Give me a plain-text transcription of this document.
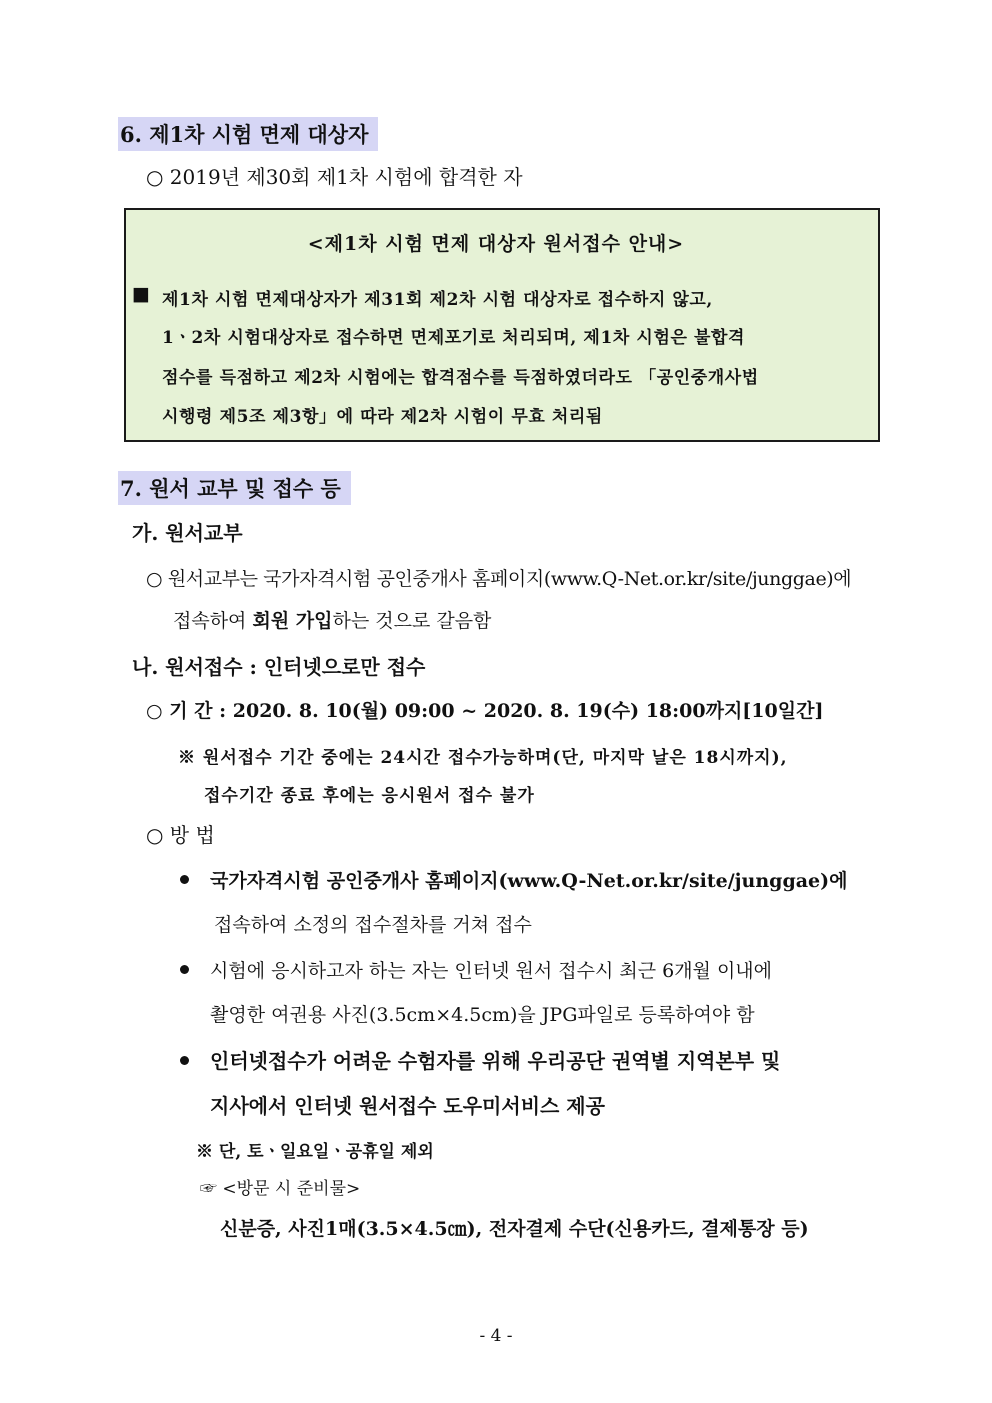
6. 제1차 시험 면제 대상자
○ 2019년 제30회 제1차 시험에 합격한 자
<제1차 시험 면제 대상자 원서접수 안내>
■ 제1차 시험 면제대상자가 제31회 제2차 시험 대상자로 접수하지 않고,
1ㆍ2차 시험대상자로 접수하면 면제포기로 처리되며, 제1차 시험은 불합격
점수를 득점하고 제2차 시험에는 합격점수를 득점하였더라도 「공인중개사법
시행령 제5조 제3항」에 따라 제2차 시험이 무효 처리됨
7. 원서 교부 및 접수 등
가. 원서교부
○ 원서교부는 국가자격시험 공인중개사 홈페이지(www.Q-Net.or.kr/site/junggae)에
접속하여 회원 가입하는 것으로 갈음함
나. 원서접수 : 인터넷으로만 접수
○ 기 간 : 2020. 8. 10(월) 09:00 ~ 2020. 8. 19(수) 18:00까지[10일간]
※ 원서접수 기간 중에는 24시간 접수가능하며(단, 마지막 날은 18시까지),
접수기간 종료 후에는 응시원서 접수 불가
○ 방 법
국가자격시험 공인중개사 홈페이지(www.Q-Net.or.kr/site/junggae)에
접속하여 소정의 접수절차를 거쳐 접수
시험에 응시하고자 하는 자는 인터넷 원서 접수시 최근 6개월 이내에
촬영한 여권용 사진(3.5cm×4.5cm)을 JPG파일로 등록하여야 함
인터넷접수가 어려운 수험자를 위해 우리공단 권역별 지역본부 및
지사에서 인터넷 원서접수 도우미서비스 제공
※ 단, 토ㆍ일요일ㆍ공휴일 제외
☞ <방문 시 준비물>
신분증, 사진1매(3.5×4.5㎝), 전자결제 수단(신용카드, 결제통장 등)
- 4 -
